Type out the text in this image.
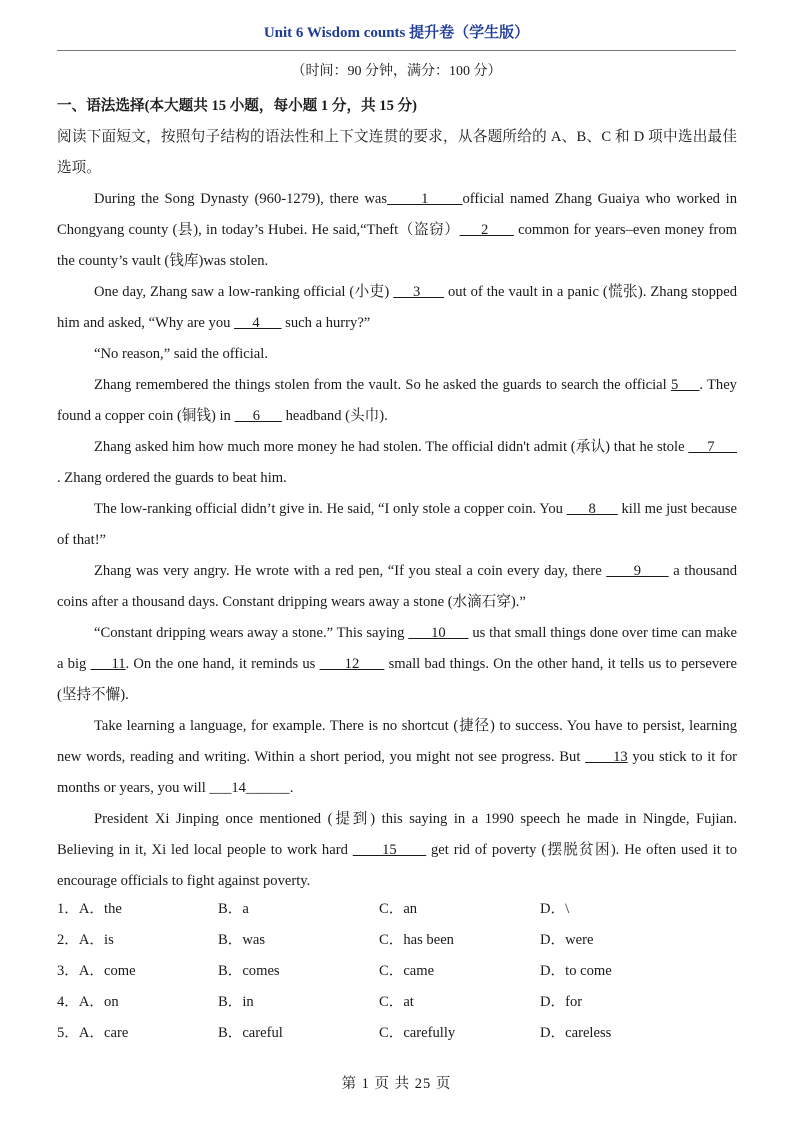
Unit 6 Wisdom counts 提升卷（学生版）
（时间：90 分钟，满分：100 分）

一、语法选择(本大题共 15 小题，每小题 1 分，共 15 分)

阅读下面短文，按照句子结构的语法性和上下文连贯的要求，从各题所给的 A、B、C 和 D 项中选出最佳选项。

During the Song Dynasty (960-1279), there was      1      official named Zhang Guaiya who worked in Chongyang county (县), in today’s Hubei. He said,“Theft（盗窃）     2       common for years–even money from the county’s vault (钱库)was stolen.

One day, Zhang saw a low-ranking official (小吏)      3       out of the vault in a panic (慌张). Zhang stopped him and asked, “Why are you      4       such a hurry?”

“No reason,” said the official.

Zhang remembered the things stolen from the vault. So he asked the guards to search the official 5     . They found a copper coin (铜钱) in      6       headband (头巾).

Zhang asked him how much more money he had stolen. The official didn't admit (承认) that he stole      7       . Zhang ordered the guards to beat him.

The low-ranking official didn’t give in. He said, “I only stole a copper coin. You       8       kill me just because of that!”

Zhang was very angry. He wrote with a red pen, “If you steal a coin every day, there       9       a thousand coins after a thousand days. Constant dripping wears away a stone (水滴石穿).”

“Constant dripping wears away a stone.” This saying       10       us that small things done over time can make a big      11. On the one hand, it reminds us       12       small bad things. On the other hand, it tells us to persevere (坚持不懈).

Take learning a language, for example. There is no shortcut (捷径) to success. You have to persist, learning new words, reading and writing. Within a short period, you might not see progress. But       13 you stick to it for months or years, you will ___14______.

President Xi Jinping once mentioned (提到) this saying in a 1990 speech he made in Ningde, Fujian. Believing in it, Xi led local people to work hard       15       get rid of poverty (摆脱贫困). He often used it to encourage officials to fight against poverty.

1．A．the	B．a	C．an	D．\
2．A．is	B．was	C．has been	D．were
3．A．come	B．comes	C．came	D．to come
4．A．on	B．in	C．at	D．for
5．A．care	B．careful	C．carefully	D．careless
第 1 页 共 25 页
